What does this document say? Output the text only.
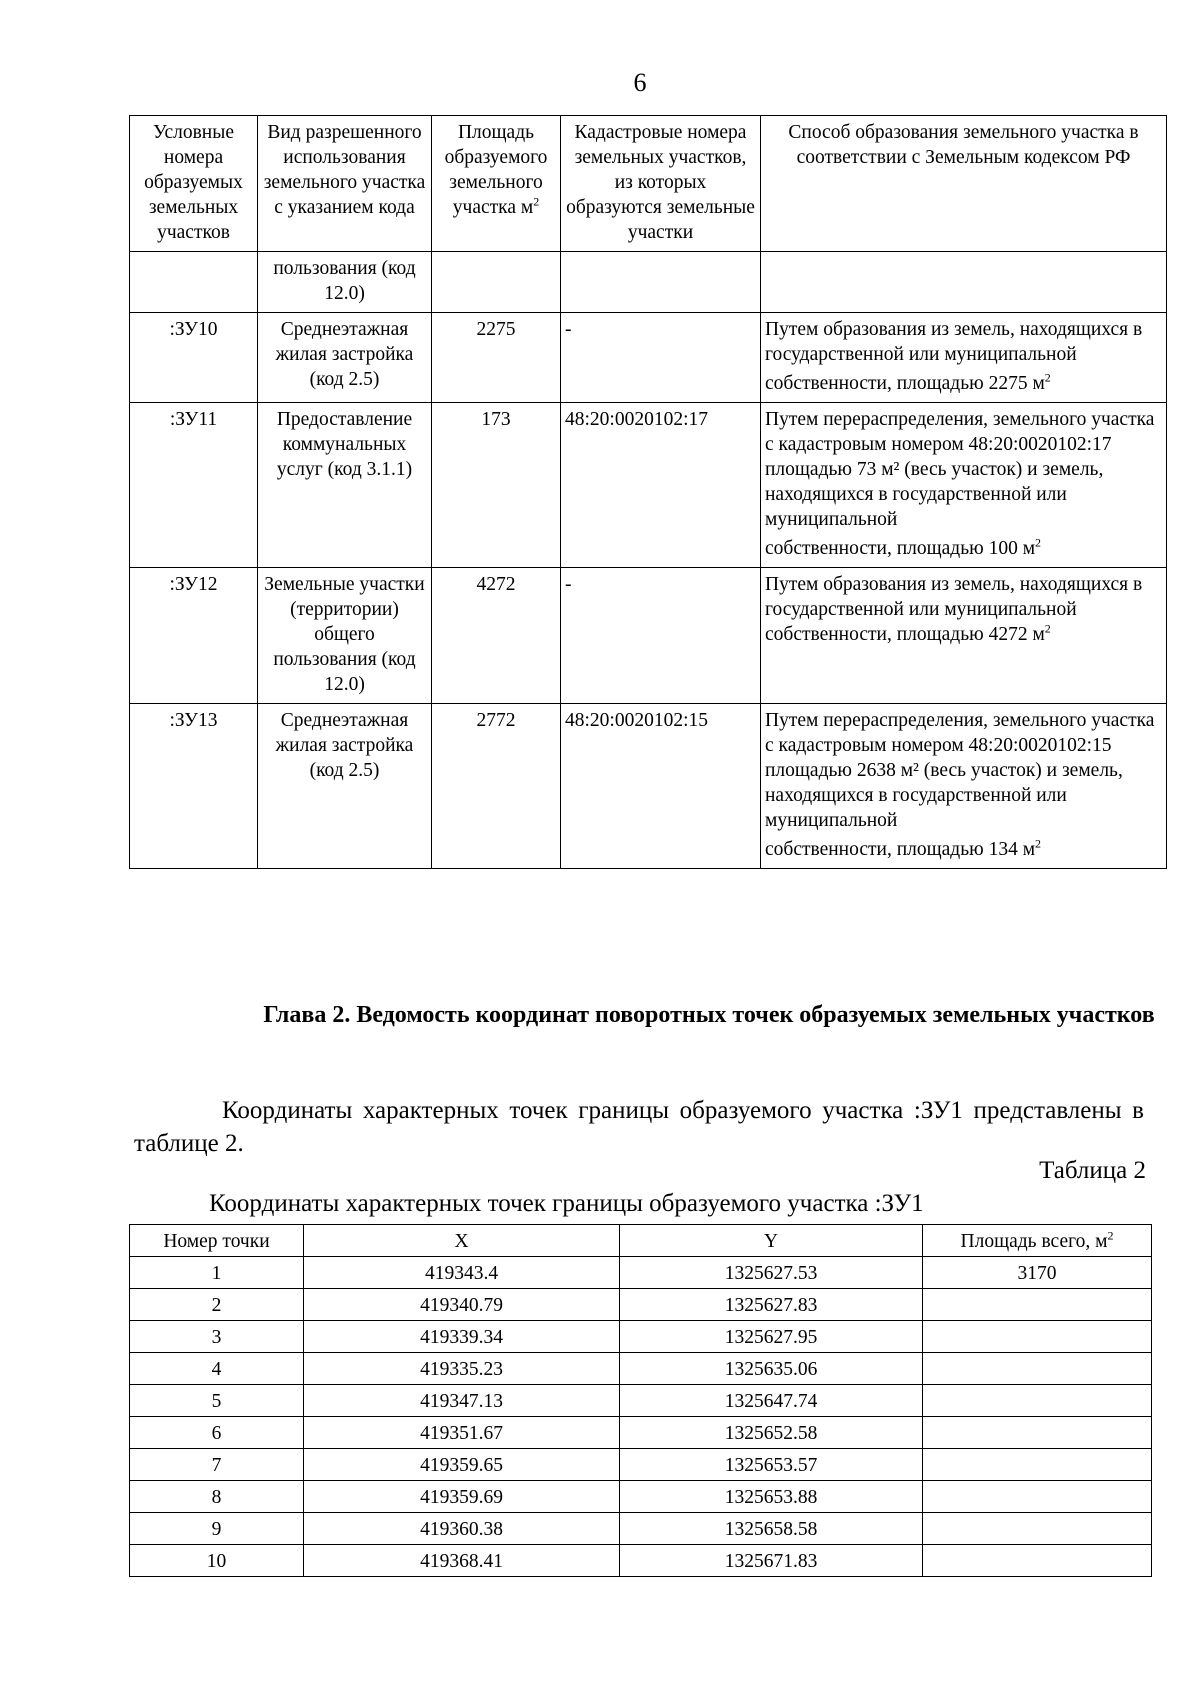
6
Условные номера образуемых земельных участков	Вид разрешенного использования земельного участка с указанием кода	Площадь образуемого земельного участка $м^2$	Кадастровые номера земельных участков, из которых образуются земельные участки	Способ образования земельного участка в соответствии с Земельным кодексом РФ
	пользования (код 12.0)			
:ЗУ10	Среднеэтажная жилая застройка (код 2.5)	2275	-	Путем образования из земель, находящихся в государственной или муниципальной
собственности, площадью 2275 $м^2$

:ЗУ11	Предоставление коммунальных услуг (код 3.1.1)	173	48:20:0020102:17	Путем перераспределения, земельного участка с кадастровым номером 48:20:0020102:17 площадью 73 м² (весь участок) и земель, находящихся в государственной или муниципальной
собственности, площадью 100 $м^2$

:ЗУ12	Земельные участки (территории) общего пользования (код 12.0)	4272	-	Путем образования из земель, находящихся в государственной или муниципальной собственности, площадью 4272 $м^2$
:ЗУ13	Среднеэтажная жилая застройка (код 2.5)	2772	48:20:0020102:15	Путем перераспределения, земельного участка с кадастровым номером 48:20:0020102:15 площадью 2638 м² (весь участок) и земель, находящихся в государственной или муниципальной
собственности, площадью 134 $м^2$
Глава 2. Ведомость координат поворотных точек образуемых земельных участков
Координаты характерных точек границы образуемого участка :ЗУ1 представлены в таблице 2.
Таблица 2
Координаты характерных точек границы образуемого участка :ЗУ1
Номер точки	X	Y	Площадь всего, $м^2$
1	419343.4	1325627.53	3170
2	419340.79	1325627.83	
3	419339.34	1325627.95	
4	419335.23	1325635.06	
5	419347.13	1325647.74	
6	419351.67	1325652.58	
7	419359.65	1325653.57	
8	419359.69	1325653.88	
9	419360.38	1325658.58	
10	419368.41	1325671.83	
